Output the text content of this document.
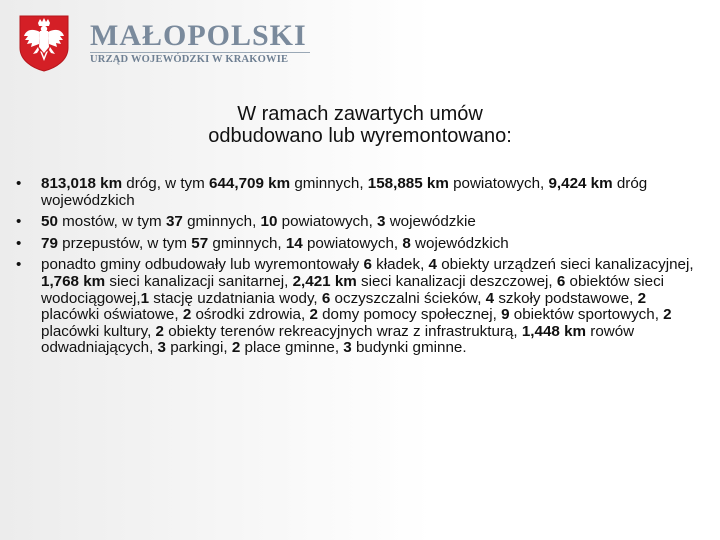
MAŁOPOLSKI
URZĄD WOJEWÓDZKI W KRAKOWIE
W ramach zawartych umów
odbudowano lub wyremontowano:
• 813,018 km dróg, w tym 644,709 km gminnych, 158,885 km powiatowych, 9,424 km dróg wojewódzkich
• 50 mostów, w tym 37 gminnych, 10 powiatowych, 3 wojewódzkie
• 79 przepustów, w tym 57 gminnych, 14 powiatowych, 8 wojewódzkich
• ponadto gminy odbudowały lub wyremontowały 6 kładek, 4 obiekty urządzeń sieci kanalizacyjnej, 1,768 km sieci kanalizacji sanitarnej, 2,421 km sieci kanalizacji deszczowej, 6 obiektów sieci wodociągowej,1 stację uzdatniania wody, 6 oczyszczalni ścieków, 4 szkoły podstawowe, 2 placówki oświatowe, 2 ośrodki zdrowia, 2 domy pomocy społecznej, 9 obiektów sportowych, 2 placówki kultury, 2 obiekty terenów rekreacyjnych wraz z infrastrukturą, 1,448 km rowów odwadniających, 3 parkingi, 2 place gminne, 3 budynki gminne.
